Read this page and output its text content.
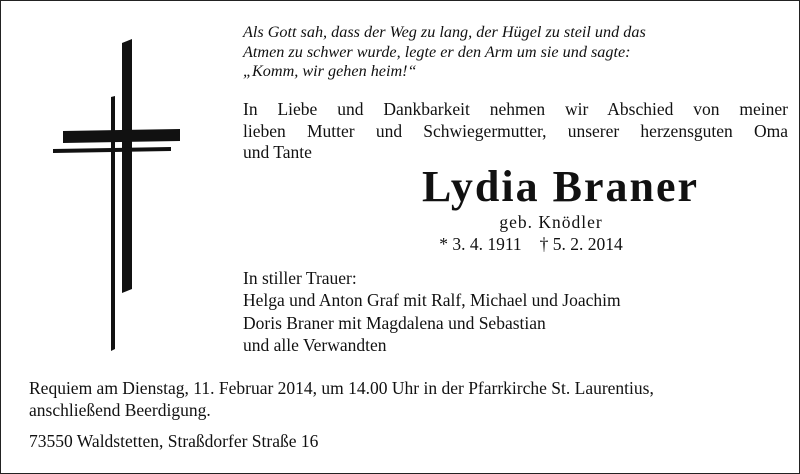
Als Gott sah, dass der Weg zu lang, der Hügel zu steil und das
Atmen zu schwer wurde, legte er den Arm um sie und sagte:
„Komm, wir gehen heim!“
In Liebe und Dankbarkeit nehmen wir Abschied von meiner
lieben Mutter und Schwiegermutter, unserer herzensguten Oma
und Tante
Lydia Braner
geb. Knödler
* 3. 4. 1911 † 5. 2. 2014
In stiller Trauer:
Helga und Anton Graf mit Ralf, Michael und Joachim
Doris Braner mit Magdalena und Sebastian
und alle Verwandten
Requiem am Dienstag, 11. Februar 2014, um 14.00 Uhr in der Pfarrkirche St. Laurentius,
anschließend Beerdigung.
73550 Waldstetten, Straßdorfer Straße 16
